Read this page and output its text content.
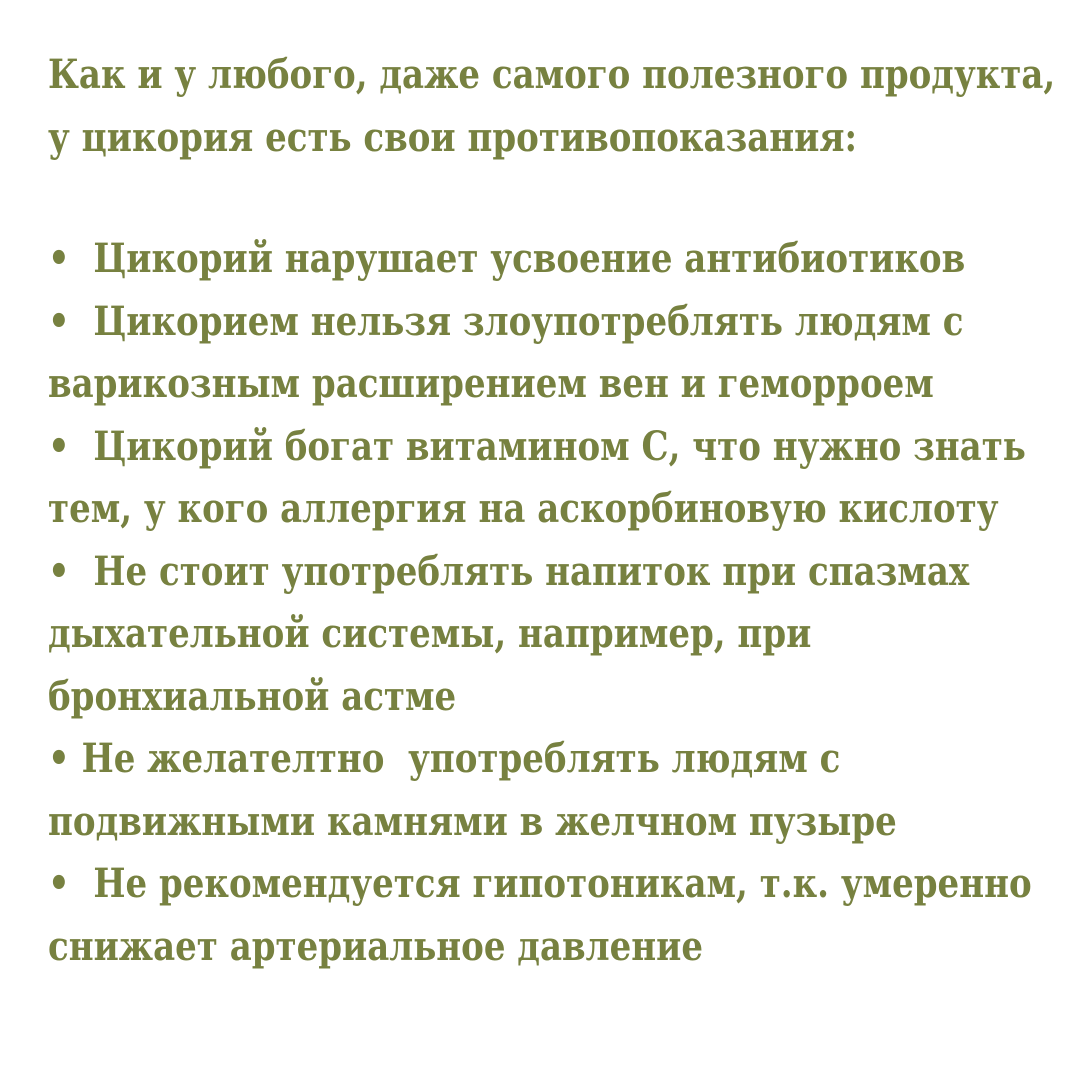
Как и у любого, даже самого полезного продукта,
у цикория есть свои противопоказания:
•  Цикорий нарушает усвоение антибиотиков
•  Цикорием нельзя злоупотреблять людям с
варикозным расширением вен и геморроем
•  Цикорий богат витамином С, что нужно знать
тем, у кого аллергия на аскорбиновую кислоту
•  Не стоит употреблять напиток при спазмах
дыхательной системы, например, при
бронхиальной астме
• Не желателтно  употреблять людям с
подвижными камнями в желчном пузыре
•  Не рекомендуется гипотоникам, т.к. умеренно
снижает артериальное давление
